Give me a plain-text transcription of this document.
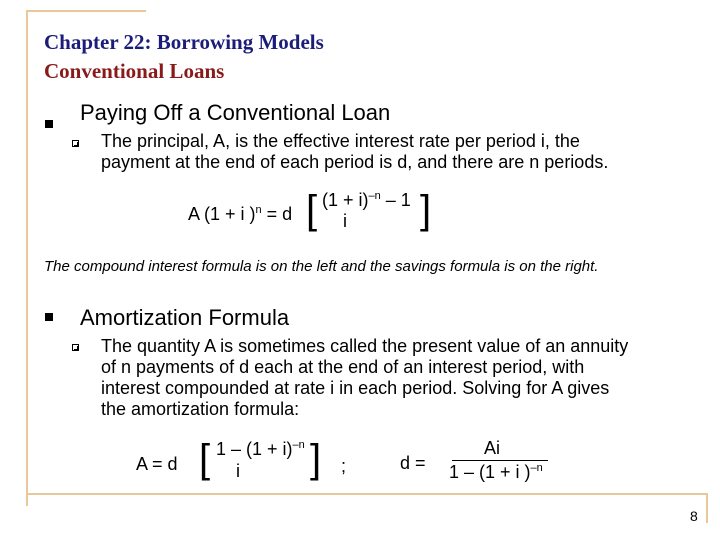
Chapter 22: Borrowing Models
Conventional Loans
Paying Off a Conventional Loan
The principal, A, is the effective interest rate per period i, the
payment at the end of each period is d, and there are n periods.
A (1 + i )$^n$ = d [ $(1 + i)^{-n} - 1$
i ]
The compound interest formula is on the left and the savings formula is on the right.
Amortization Formula
The quantity A is sometimes called the present value of an annuity
of n payments of d each at the end of an interest period, with
interest compounded at rate i in each period. Solving for A gives
the amortization formula:
A = d [ $1 - (1 + i)^{-n}$
i ] ;	d =
Ai
1 – (1 + i )$^{-n}$
8
